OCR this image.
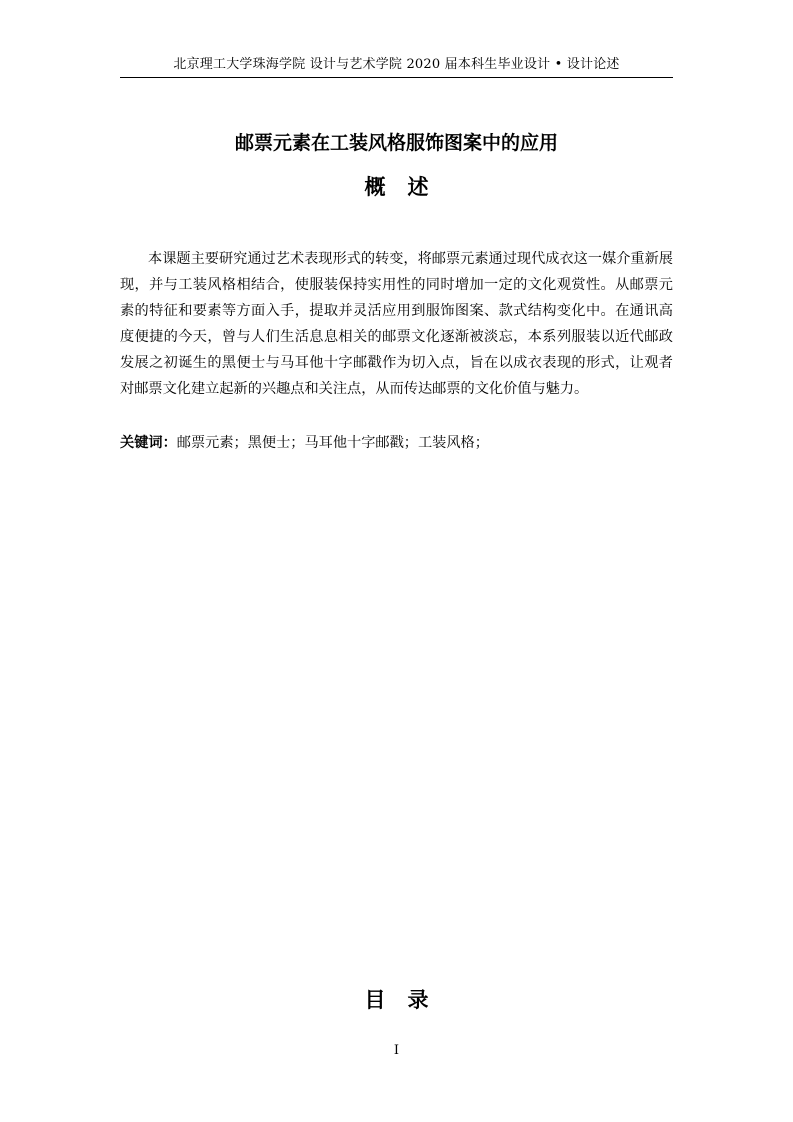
北京理工大学珠海学院 设计与艺术学院 2020 届本科生毕业设计 • 设计论述
邮票元素在工装风格服饰图案中的应用
概述

本课题主要研究通过艺术表现形式的转变，将邮票元素通过现代成衣这一媒介重新展现，并与工装风格相结合，使服装保持实用性的同时增加一定的文化观赏性。从邮票元素的特征和要素等方面入手，提取并灵活应用到服饰图案、款式结构变化中。在通讯高度便捷的今天，曾与人们生活息息相关的邮票文化逐渐被淡忘，本系列服装以近代邮政发展之初诞生的黑便士与马耳他十字邮戳作为切入点，旨在以成衣表现的形式，让观者对邮票文化建立起新的兴趣点和关注点，从而传达邮票的文化价值与魅力。

关键词：邮票元素；黑便士；马耳他十字邮戳；工装风格；
目录
I
